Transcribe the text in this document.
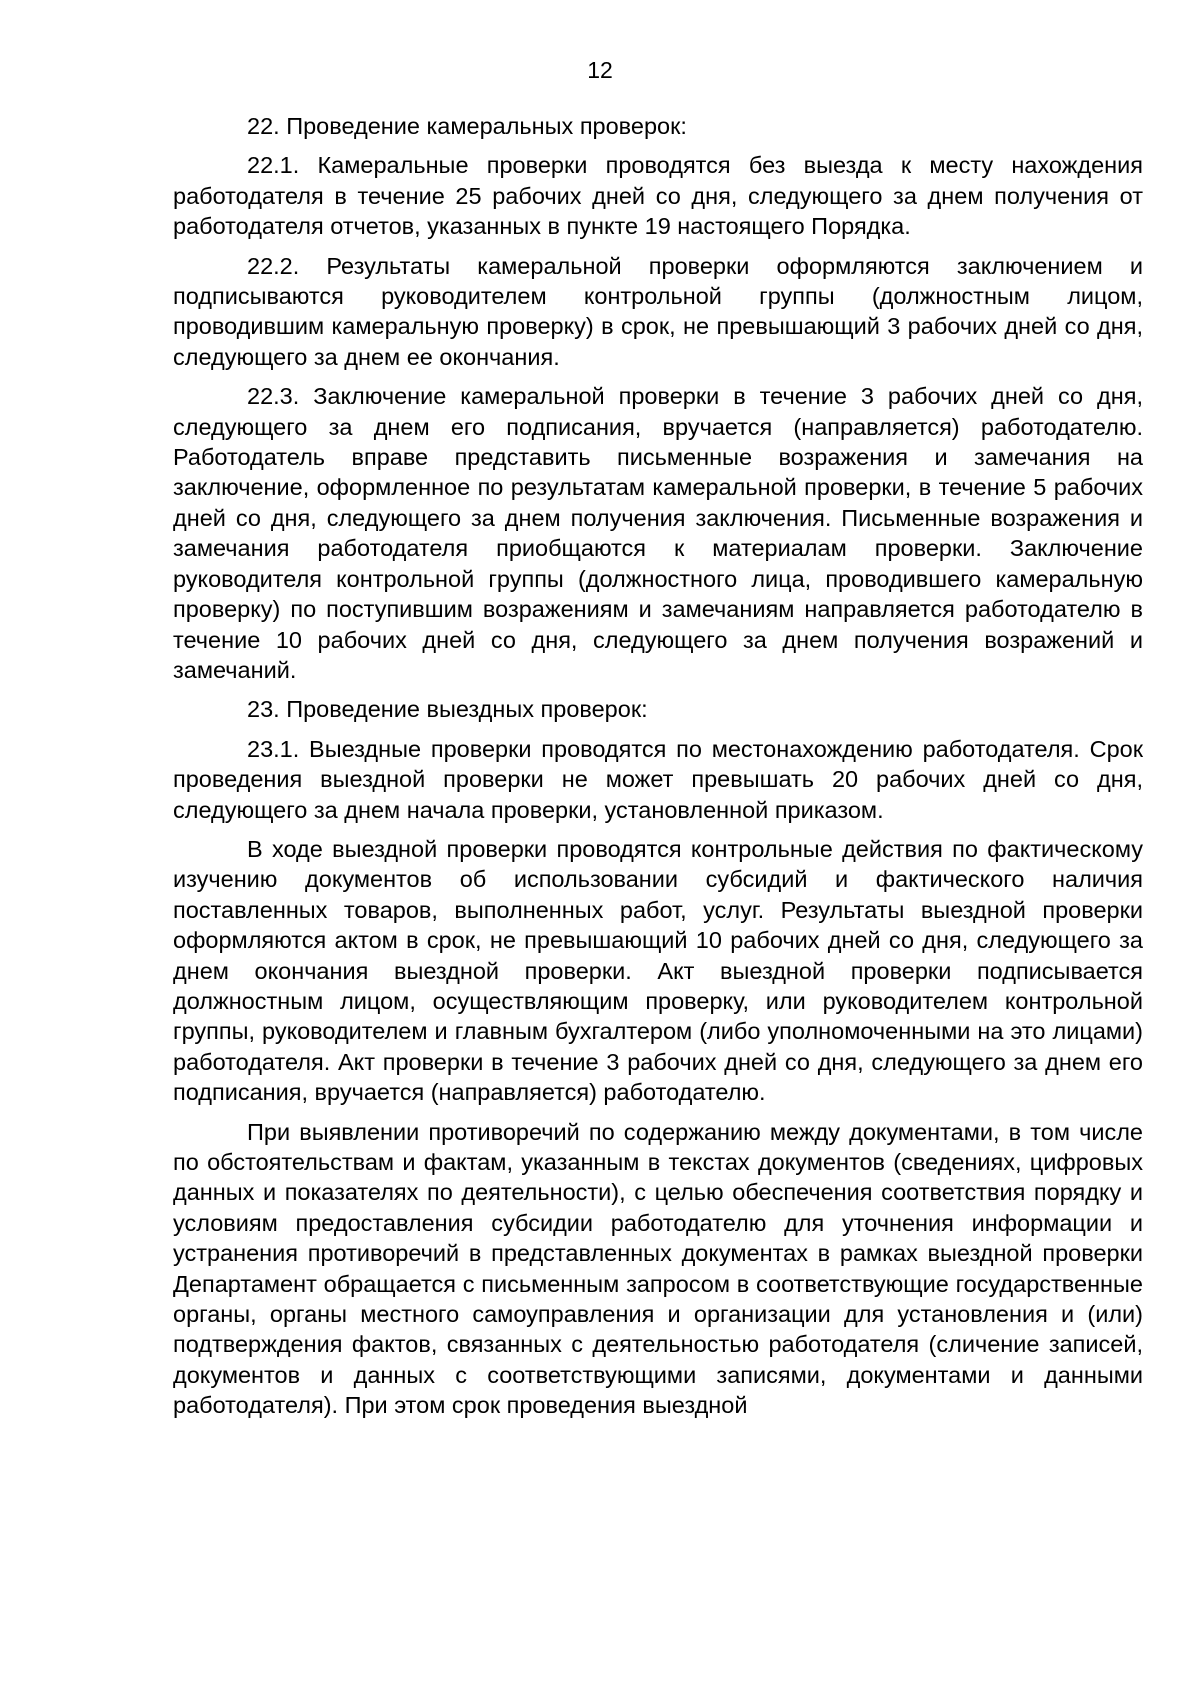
12

22. Проведение камеральных проверок:

22.1. Камеральные проверки проводятся без выезда к месту нахождения работодателя в течение 25 рабочих дней со дня, следующего за днем получения от работодателя отчетов, указанных в пункте 19 настоящего Порядка.

22.2. Результаты камеральной проверки оформляются заключением и подписываются руководителем контрольной группы (должностным лицом, проводившим камеральную проверку) в срок, не превышающий 3 рабочих дней со дня, следующего за днем ее окончания.

22.3. Заключение камеральной проверки в течение 3 рабочих дней со дня, следующего за днем его подписания, вручается (направляется) работодателю. Работодатель вправе представить письменные возражения и замечания на заключение, оформленное по результатам камеральной проверки, в течение 5 рабочих дней со дня, следующего за днем получения заключения. Письменные возражения и замечания работодателя приобщаются к материалам проверки. Заключение руководителя контрольной группы (должностного лица, проводившего камеральную проверку) по поступившим возражениям и замечаниям направляется работодателю в течение 10 рабочих дней со дня, следующего за днем получения возражений и замечаний.

23. Проведение выездных проверок:

23.1. Выездные проверки проводятся по местонахождению работодателя. Срок проведения выездной проверки не может превышать 20 рабочих дней со дня, следующего за днем начала проверки, установленной приказом.

В ходе выездной проверки проводятся контрольные действия по фактическому изучению документов об использовании субсидий и фактического наличия поставленных товаров, выполненных работ, услуг. Результаты выездной проверки оформляются актом в срок, не превышающий 10 рабочих дней со дня, следующего за днем окончания выездной проверки. Акт выездной проверки подписывается должностным лицом, осуществляющим проверку, или руководителем контрольной группы, руководителем и главным бухгалтером (либо уполномоченными на это лицами) работодателя. Акт проверки в течение 3 рабочих дней со дня, следующего за днем его подписания, вручается (направляется) работодателю.

При выявлении противоречий по содержанию между документами, в том числе по обстоятельствам и фактам, указанным в текстах документов (сведениях, цифровых данных и показателях по деятельности), с целью обеспечения соответствия порядку и условиям предоставления субсидии работодателю для уточнения информации и устранения противоречий в представленных документах в рамках выездной проверки Департамент обращается с письменным запросом в соответствующие государственные органы, органы местного самоуправления и организации для установления и (или) подтверждения фактов, связанных с деятельностью работодателя (сличение записей, документов и данных с соответствующими записями, документами и данными работодателя). При этом срок проведения выездной
